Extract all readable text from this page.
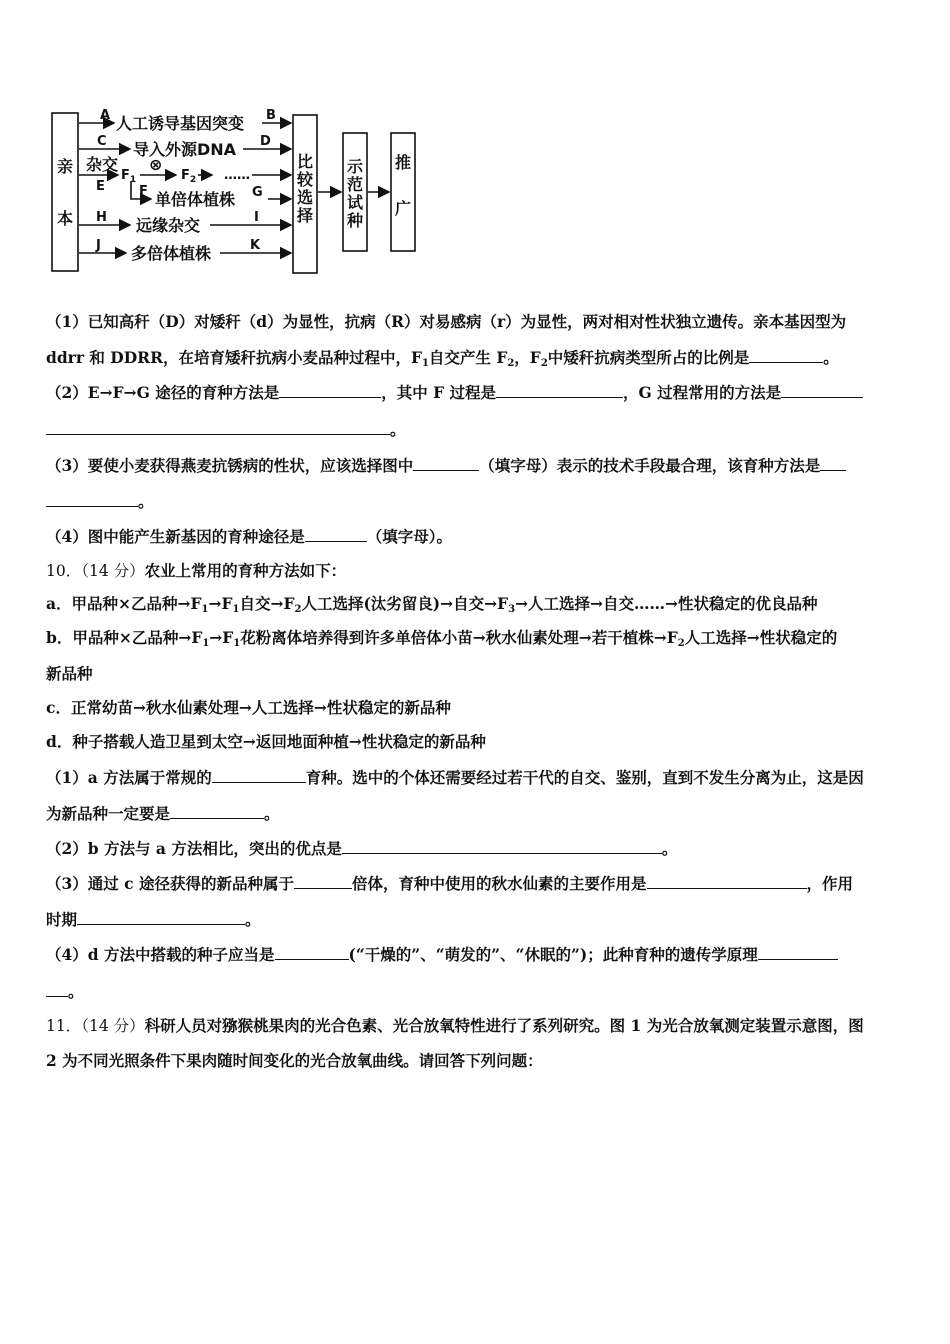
亲
本
比
较
选
择
示
范
试
种
推
广
A 人工诱导基因突变 B
C 导入外源DNA D
杂交
E
$F_1$
⊗
$F_2$ ……
F 单倍体植株 G
H 远缘杂交	I
J 多倍体植株	K
（1）已知高秆（D）对矮秆（d）为显性，抗病（R）对易感病（r）为显性，两对相对性状独立遗传。亲本基因型为
ddrr 和 DDRR，在培育矮秆抗病小麦品种过程中，$F_1$自交产生 $F_2$，$F_2$中矮秆抗病类型所占的比例是	。
（2）E→F→G 途径的育种方法是	，其中 F 过程是	，G 过程常用的方法是
。
（3）要使小麦获得燕麦抗锈病的性状，应该选择图中	（填字母）表示的技术手段最合理，该育种方法是
。
（4）图中能产生新基因的育种途径是	（填字母）。
10．（14 分）农业上常用的育种方法如下：
a．甲品种×乙品种$\to F_1\to F_1$自交$\to F_2$人工选择(汰劣留良)→自交$\to F_3\to$人工选择→自交……→性状稳定的优良品种
b．甲品种×乙品种$\to F_1\to F_1$花粉离体培养得到许多单倍体小苗→秋水仙素处理→若干植株$\to F_2$人工选择→性状稳定的
新品种
c．正常幼苗→秋水仙素处理→人工选择→性状稳定的新品种
d．种子搭载人造卫星到太空→返回地面种植→性状稳定的新品种
（1）a 方法属于常规的	育种。选中的个体还需要经过若干代的自交、鉴别，直到不发生分离为止，这是因
为新品种一定要是	。
（2）b 方法与 a 方法相比，突出的优点是	。
（3）通过 c 途径获得的新品种属于	倍体，育种中使用的秋水仙素的主要作用是	，作用
时期	。
（4）d 方法中搭载的种子应当是	(“干燥的”、“萌发的”、“休眠的”)；此种育种的遗传学原理
。
11．（14 分）科研人员对猕猴桃果肉的光合色素、光合放氧特性进行了系列研究。图 1 为光合放氧测定装置示意图，图
2 为不同光照条件下果肉随时间变化的光合放氧曲线。请回答下列问题：
